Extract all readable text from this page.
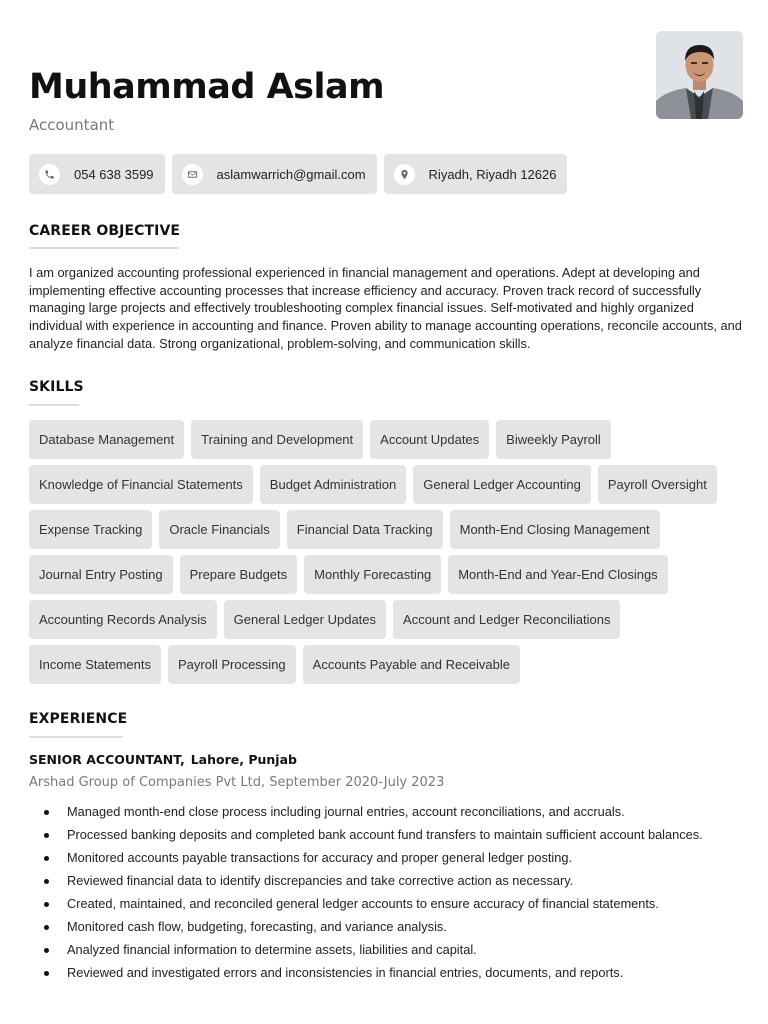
Muhammad Aslam
Accountant
054 638 3599	aslamwarrich@gmail.com	Riyadh, Riyadh 12626
CAREER OBJECTIVE
I am organized accounting professional experienced in financial management and operations. Adept at developing and implementing effective accounting processes that increase efficiency and accuracy. Proven track record of successfully managing large projects and effectively troubleshooting complex financial issues. Self-motivated and highly organized individual with experience in accounting and finance. Proven ability to manage accounting operations, reconcile accounts, and analyze financial data. Strong organizational, problem-solving, and communication skills.
SKILLS
Database Management	Training and Development	Account Updates	Biweekly Payroll
Knowledge of Financial Statements	Budget Administration	General Ledger Accounting	Payroll Oversight
Expense Tracking	Oracle Financials	Financial Data Tracking	Month-End Closing Management
Journal Entry Posting	Prepare Budgets	Monthly Forecasting	Month-End and Year-End Closings
Accounting Records Analysis	General Ledger Updates	Account and Ledger Reconciliations
Income Statements	Payroll Processing	Accounts Payable and Receivable
EXPERIENCE
SENIOR ACCOUNTANT, Lahore, Punjab
Arshad Group of Companies Pvt Ltd, September 2020-July 2023
Managed month-end close process including journal entries, account reconciliations, and accruals.
Processed banking deposits and completed bank account fund transfers to maintain sufficient account balances.
Monitored accounts payable transactions for accuracy and proper general ledger posting.
Reviewed financial data to identify discrepancies and take corrective action as necessary.
Created, maintained, and reconciled general ledger accounts to ensure accuracy of financial statements.
Monitored cash flow, budgeting, forecasting, and variance analysis.
Analyzed financial information to determine assets, liabilities and capital.
Reviewed and investigated errors and inconsistencies in financial entries, documents, and reports.
